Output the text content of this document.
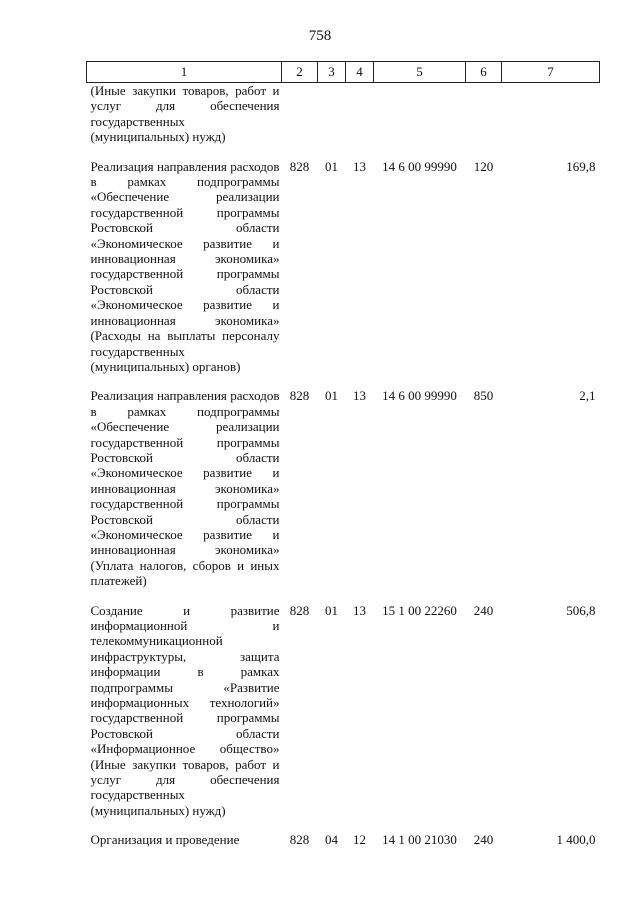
758
1	2	3	4	5	6	7
(Иные закупки товаров, работ и услуг для обеспечения государственных (муниципальных) нужд)						

Реализация направления расходов в рамках подпрограммы «Обеспечение реализации государственной программы Ростовской области «Экономическое развитие и инновационная экономика» государственной программы Ростовской области «Экономическое развитие и инновационная экономика» (Расходы на выплаты персоналу государственных (муниципальных) органов)	828	01	13	14 6 00 99990	120	169,8

Реализация направления расходов в рамках подпрограммы «Обеспечение реализации государственной программы Ростовской области «Экономическое развитие и инновационная экономика» государственной программы Ростовской области «Экономическое развитие и инновационная экономика» (Уплата налогов, сборов и иных платежей)	828	01	13	14 6 00 99990	850	2,1

Создание и развитие информационной и телекоммуникационной инфраструктуры, защита информации в рамках подпрограммы «Развитие информационных технологий» государственной программы Ростовской области «Информационное общество» (Иные закупки товаров, работ и услуг для обеспечения государственных (муниципальных) нужд)	828	01	13	15 1 00 22260	240	506,8

Организация и проведение	828	04	12	14 1 00 21030	240	1 400,0
